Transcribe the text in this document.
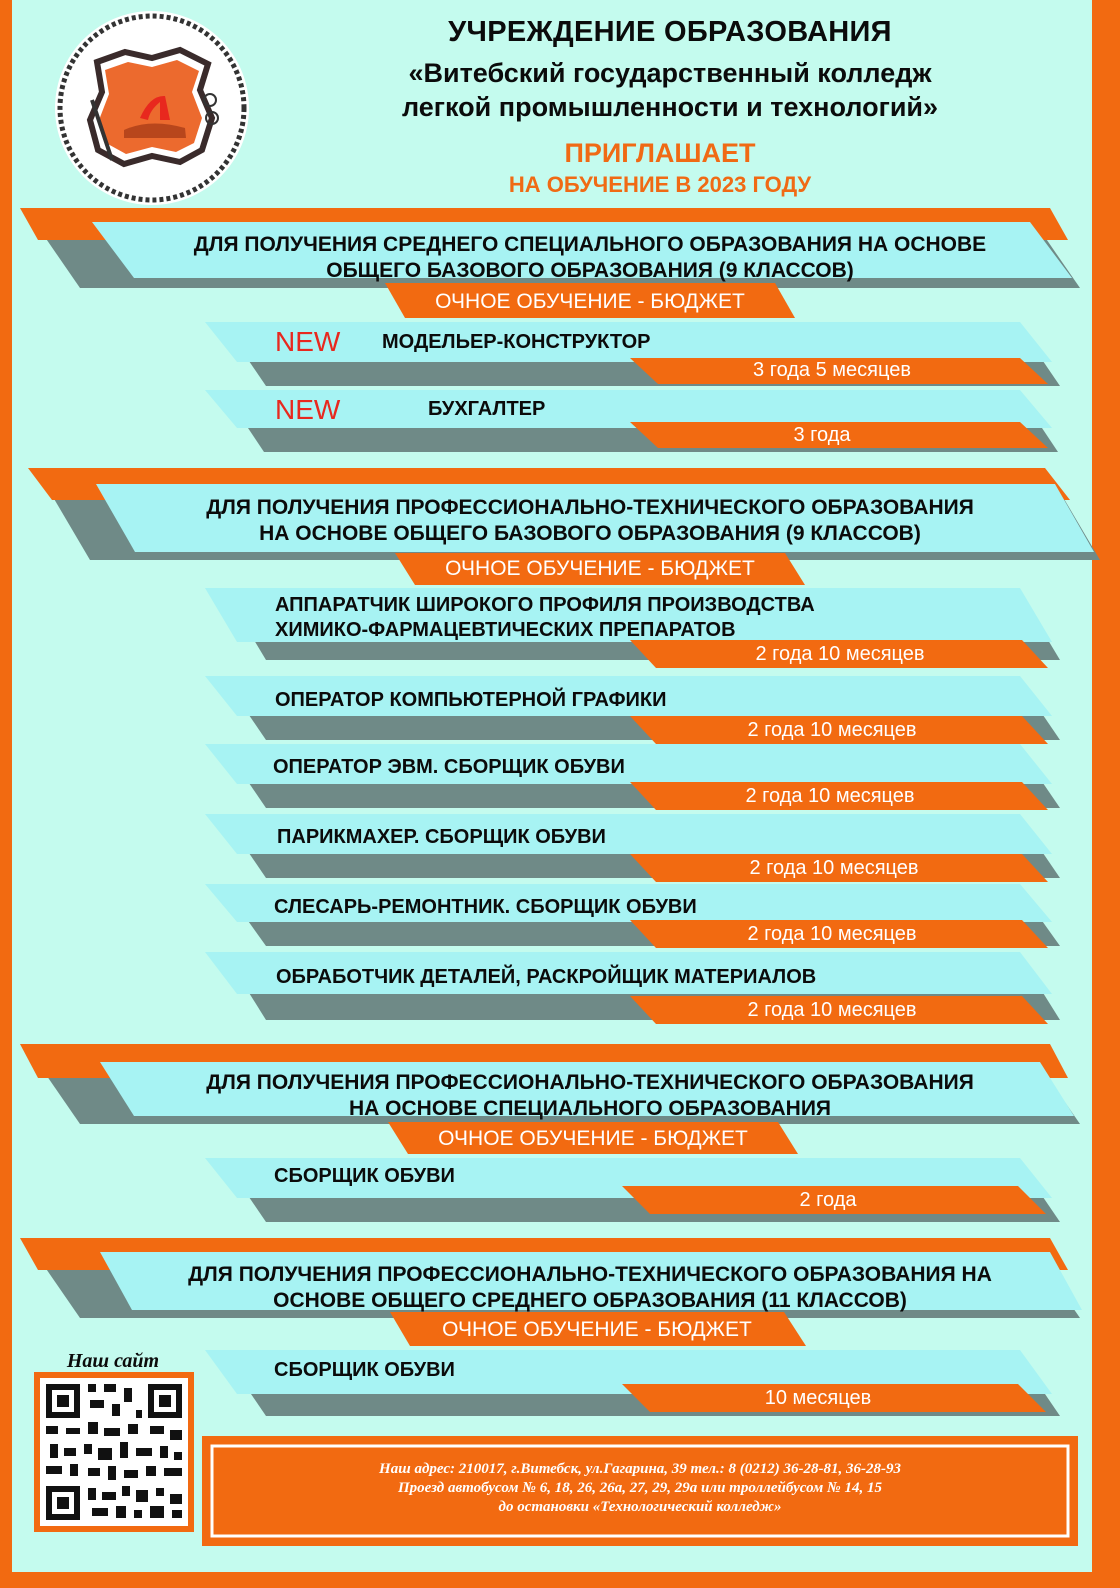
УЧРЕЖДЕНИЕ ОБРАЗОВАНИЯ
«Витебский государственный колледж
легкой промышленности и технологий»
ПРИГЛАШАЕТ
НА ОБУЧЕНИЕ В 2023 ГОДУ
ДЛЯ ПОЛУЧЕНИЯ СРЕДНЕГО СПЕЦИАЛЬНОГО ОБРАЗОВАНИЯ НА ОСНОВЕ
ОБЩЕГО БАЗОВОГО ОБРАЗОВАНИЯ (9 КЛАССОВ)
ОЧНОЕ ОБУЧЕНИЕ - БЮДЖЕТ
NEW МОДЕЛЬЕР-КОНСТРУКТОР
3 года 5 месяцев
NEW	БУХГАЛТЕР
3 года
ДЛЯ ПОЛУЧЕНИЯ ПРОФЕССИОНАЛЬНО-ТЕХНИЧЕСКОГО ОБРАЗОВАНИЯ
НА ОСНОВЕ ОБЩЕГО БАЗОВОГО ОБРАЗОВАНИЯ (9 КЛАССОВ)
ОЧНОЕ ОБУЧЕНИЕ - БЮДЖЕТ
АППАРАТЧИК ШИРОКОГО ПРОФИЛЯ ПРОИЗВОДСТВА
ХИМИКО-ФАРМАЦЕВТИЧЕСКИХ ПРЕПАРАТОВ
2 года 10 месяцев
ОПЕРАТОР КОМПЬЮТЕРНОЙ ГРАФИКИ
2 года 10 месяцев
ОПЕРАТОР ЭВМ. СБОРЩИК ОБУВИ
2 года 10 месяцев
ПАРИКМАХЕР. СБОРЩИК ОБУВИ
2 года 10 месяцев
СЛЕСАРЬ-РЕМОНТНИК. СБОРЩИК ОБУВИ
2 года 10 месяцев
ОБРАБОТЧИК ДЕТАЛЕЙ, РАСКРОЙЩИК МАТЕРИАЛОВ
2 года 10 месяцев
ДЛЯ ПОЛУЧЕНИЯ ПРОФЕССИОНАЛЬНО-ТЕХНИЧЕСКОГО ОБРАЗОВАНИЯ
НА ОСНОВЕ СПЕЦИАЛЬНОГО ОБРАЗОВАНИЯ
ОЧНОЕ ОБУЧЕНИЕ - БЮДЖЕТ
СБОРЩИК ОБУВИ
2 года
ДЛЯ ПОЛУЧЕНИЯ ПРОФЕССИОНАЛЬНО-ТЕХНИЧЕСКОГО ОБРАЗОВАНИЯ НА
ОСНОВЕ ОБЩЕГО СРЕДНЕГО ОБРАЗОВАНИЯ (11 КЛАССОВ)
ОЧНОЕ ОБУЧЕНИЕ - БЮДЖЕТ
СБОРЩИК ОБУВИ
10 месяцев
Наш сайт
Наш адрес: 210017, г.Витебск, ул.Гагарина, 39 тел.: 8 (0212) 36-28-81, 36-28-93
Проезд автобусом № 6, 18, 26, 26а, 27, 29, 29а или троллейбусом № 14, 15
до остановки «Технологический колледж»
